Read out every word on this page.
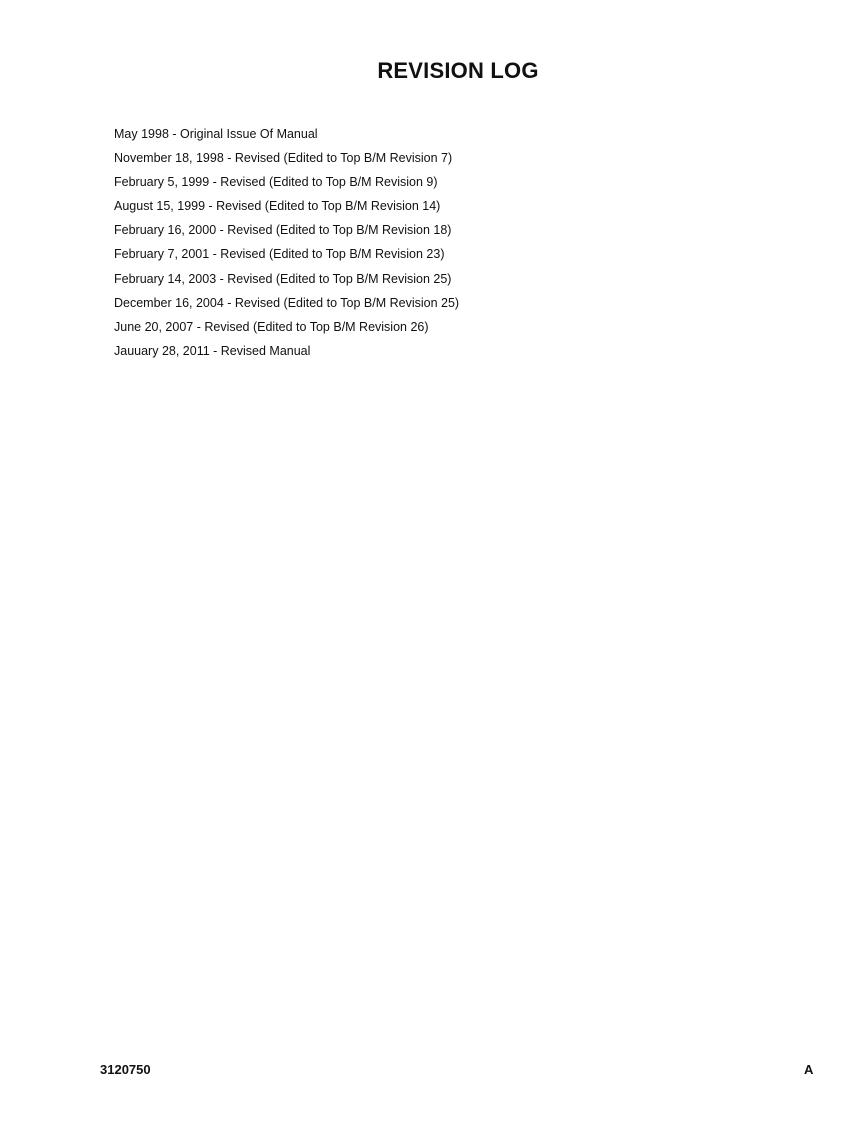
REVISION LOG
May 1998 - Original Issue Of Manual
November 18, 1998 - Revised (Edited to Top B/M Revision 7)
February 5, 1999 - Revised (Edited to Top B/M Revision 9)
August 15, 1999 - Revised (Edited to Top B/M Revision 14)
February 16, 2000 - Revised (Edited to Top B/M Revision 18)
February 7, 2001 - Revised (Edited to Top B/M Revision 23)
February 14, 2003 - Revised (Edited to Top B/M Revision 25)
December 16, 2004 - Revised (Edited to Top B/M Revision 25)
June 20, 2007 - Revised (Edited to Top B/M Revision 26)
Jauuary 28, 2011 - Revised Manual
3120750	A
